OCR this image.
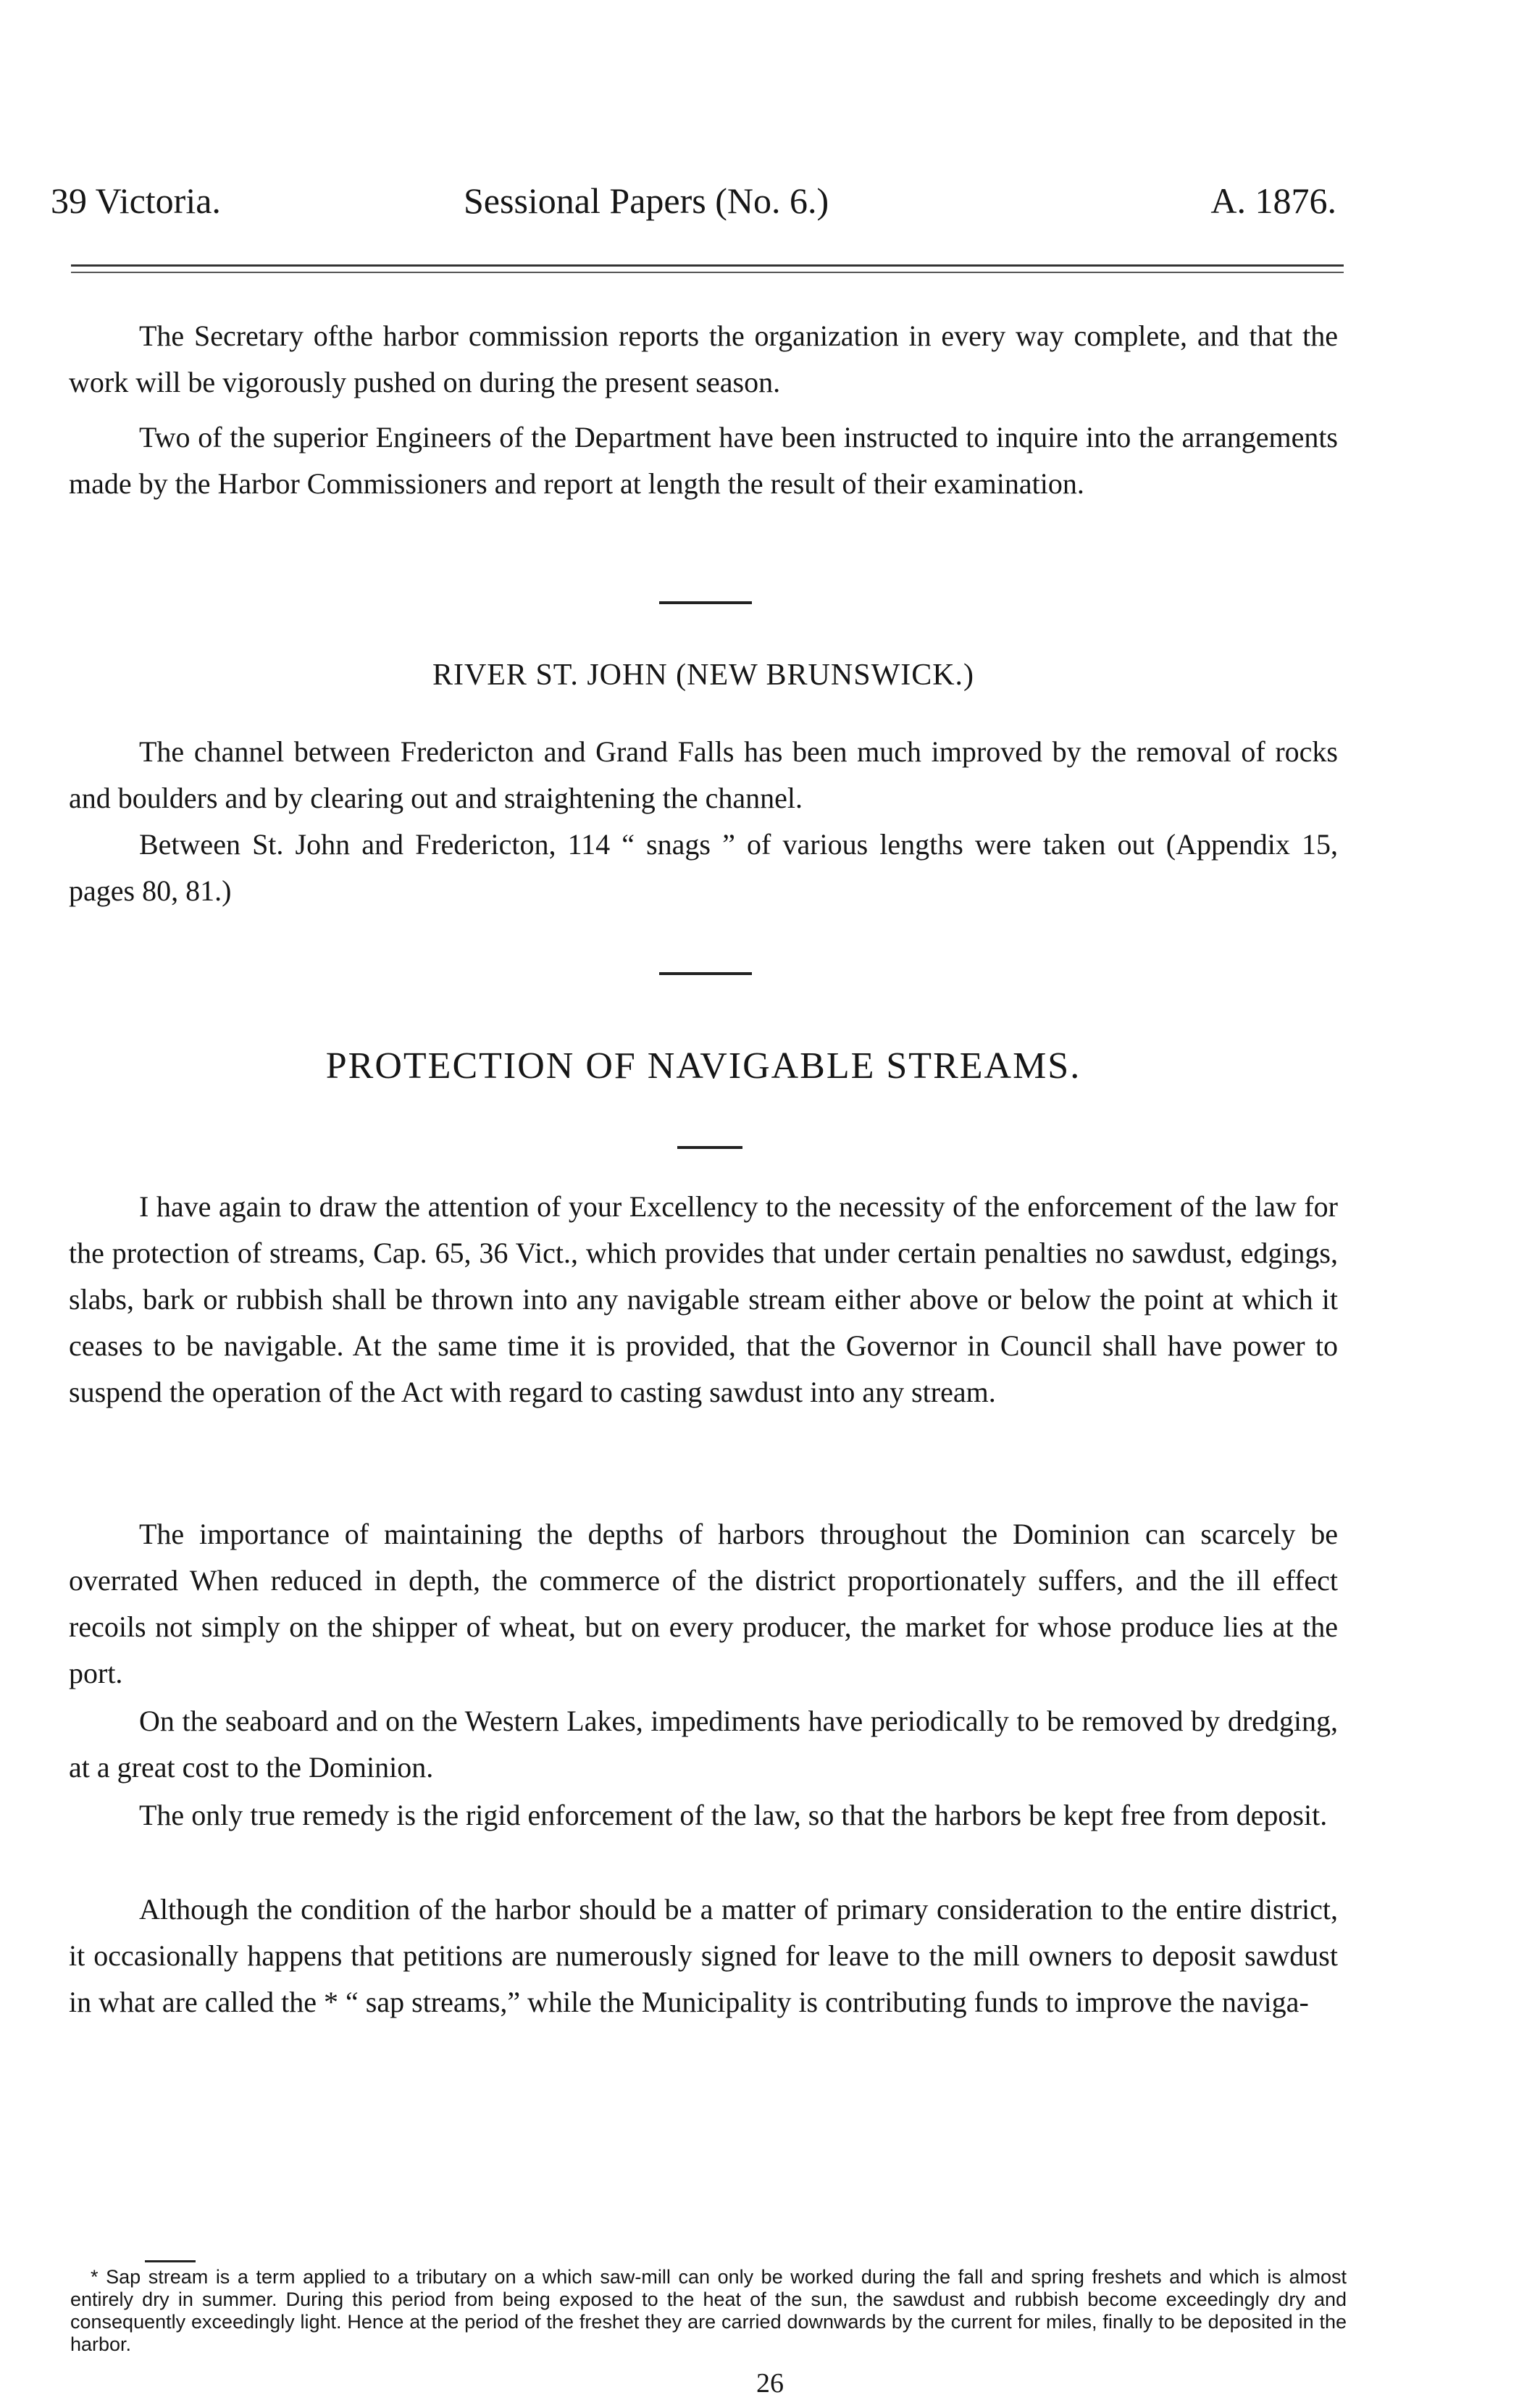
39 Victoria.	Sessional Papers (No. 6.)	A. 1876.

The Secretary ofthe harbor commission reports the organization in every way complete, and that the work will be vigorously pushed on during the present season.

Two of the superior Engineers of the Department have been instructed to inquire into the arrangements made by the Harbor Commissioners and report at length the result of their examination.

RIVER ST. JOHN (NEW BRUNSWICK.)

The channel between Fredericton and Grand Falls has been much improved by the removal of rocks and boulders and by clearing out and straightening the channel.

Between St. John and Fredericton, 114 “ snags ” of various lengths were taken out (Appendix 15, pages 80, 81.)

PROTECTION OF NAVIGABLE STREAMS.

I have again to draw the attention of your Excellency to the necessity of the enforcement of the law for the protection of streams, Cap. 65, 36 Vict., which provides that under certain penalties no sawdust, edgings, slabs, bark or rubbish shall be thrown into any navigable stream either above or below the point at which it ceases to be navigable. At the same time it is provided, that the Governor in Council shall have power to suspend the operation of the Act with regard to casting sawdust into any stream.

The importance of maintaining the depths of harbors throughout the Dominion can scarcely be overrated When reduced in depth, the commerce of the district proportionately suffers, and the ill effect recoils not simply on the shipper of wheat, but on every producer, the market for whose produce lies at the port.

On the seaboard and on the Western Lakes, impediments have periodically to be removed by dredging, at a great cost to the Dominion.

The only true remedy is the rigid enforcement of the law, so that the harbors be kept free from deposit.

Although the condition of the harbor should be a matter of primary consideration to the entire district, it occasionally happens that petitions are numerously signed for leave to the mill owners to deposit sawdust in what are called the * “ sap streams,” while the Municipality is contributing funds to improve the naviga-

* Sap stream is a term applied to a tributary on a which saw-mill can only be worked during the fall and spring freshets and which is almost entirely dry in summer. During this period from being exposed to the heat of the sun, the sawdust and rubbish become exceedingly dry and consequently exceedingly light. Hence at the period of the freshet they are carried downwards by the current for miles, finally to be deposited in the harbor.

26
